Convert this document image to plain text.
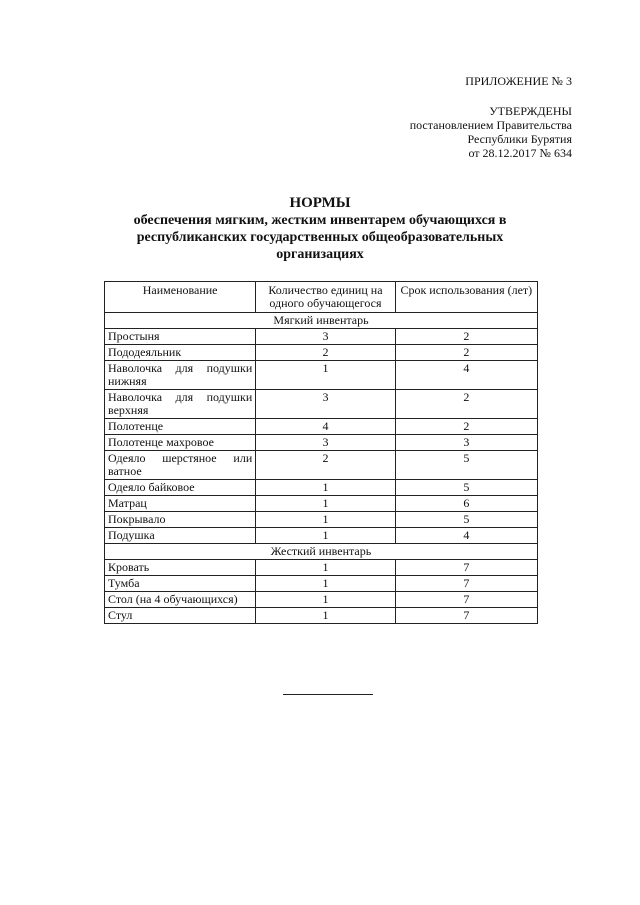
ПРИЛОЖЕНИЕ № 3
УТВЕРЖДЕНЫ
постановлением Правительства
Республики Бурятия
от 28.12.2017 № 634
НОРМЫ
обеспечения мягким, жестким инвентарем обучающихся в республиканских государственных общеобразовательных организациях
Наименование	Количество единиц на одного обучающегося	Срок использования (лет)
Мягкий инвентарь		
Простыня	3	2
Пододеяльник	2	2
Наволочка для подушки нижняя	1	4
Наволочка для подушки верхняя	3	2
Полотенце	4	2
Полотенце махровое	3	3
Одеяло шерстяное или ватное	2	5
Одеяло байковое	1	5
Матрац	1	6
Покрывало	1	5
Подушка	1	4
Жесткий инвентарь		
Кровать	1	7
Тумба	1	7
Стол (на 4 обучающихся)	1	7
Стул	1	7
